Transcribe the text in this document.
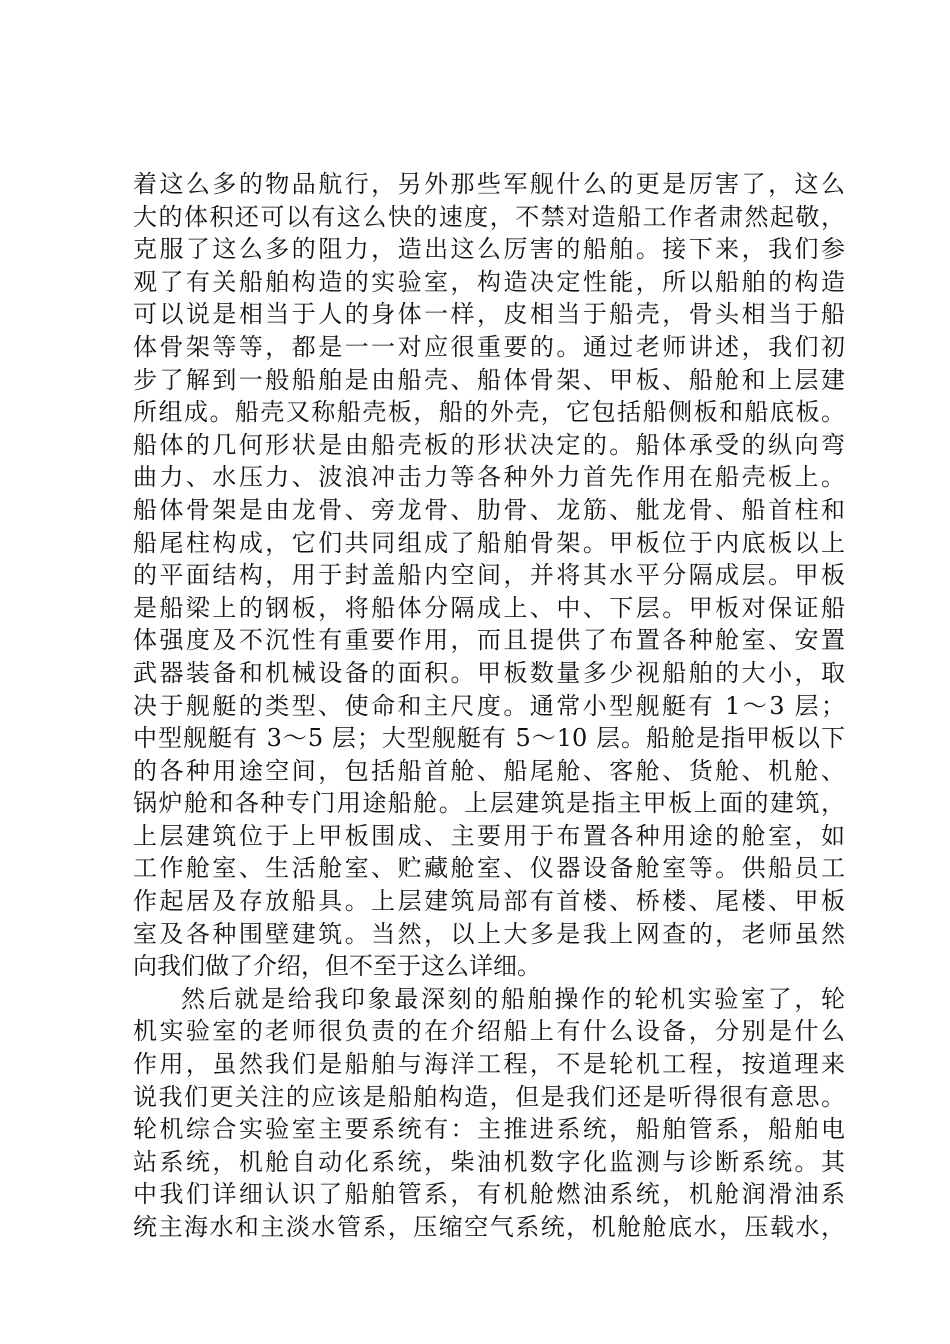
着这么多的物品航行，另外那些军舰什么的更是厉害了，这么
大的体积还可以有这么快的速度，不禁对造船工作者肃然起敬，
克服了这么多的阻力，造出这么厉害的船舶。接下来，我们参
观了有关船舶构造的实验室，构造决定性能，所以船舶的构造
可以说是相当于人的身体一样，皮相当于船壳，骨头相当于船
体骨架等等，都是一一对应很重要的。通过老师讲述，我们初
步了解到一般船舶是由船壳、船体骨架、甲板、船舱和上层建
所组成。船壳又称船壳板，船的外壳，它包括船侧板和船底板。
船体的几何形状是由船壳板的形状决定的。船体承受的纵向弯
曲力、水压力、波浪冲击力等各种外力首先作用在船壳板上。
船体骨架是由龙骨、旁龙骨、肋骨、龙筋、舭龙骨、船首柱和
船尾柱构成，它们共同组成了船舶骨架。甲板位于内底板以上
的平面结构，用于封盖船内空间，并将其水平分隔成层。甲板
是船梁上的钢板，将船体分隔成上、中、下层。甲板对保证船
体强度及不沉性有重要作用，而且提供了布置各种舱室、安置
武器装备和机械设备的面积。甲板数量多少视船舶的大小，取
决于舰艇的类型、使命和主尺度。通常小型舰艇有 1～3 层；
中型舰艇有 3～5 层；大型舰艇有 5～10 层。船舱是指甲板以下
的各种用途空间，包括船首舱、船尾舱、客舱、货舱、机舱、
锅炉舱和各种专门用途船舱。上层建筑是指主甲板上面的建筑，
上层建筑位于上甲板围成、主要用于布置各种用途的舱室，如
工作舱室、生活舱室、贮藏舱室、仪器设备舱室等。供船员工
作起居及存放船具。上层建筑局部有首楼、桥楼、尾楼、甲板
室及各种围壁建筑。当然，以上大多是我上网查的，老师虽然
向我们做了介绍，但不至于这么详细。
然后就是给我印象最深刻的船舶操作的轮机实验室了，轮
机实验室的老师很负责的在介绍船上有什么设备，分别是什么
作用，虽然我们是船舶与海洋工程，不是轮机工程，按道理来
说我们更关注的应该是船舶构造，但是我们还是听得很有意思。
轮机综合实验室主要系统有：主推进系统，船舶管系，船舶电
站系统，机舱自动化系统，柴油机数字化监测与诊断系统。其
中我们详细认识了船舶管系，有机舱燃油系统，机舱润滑油系
统主海水和主淡水管系，压缩空气系统，机舱舱底水，压载水，
